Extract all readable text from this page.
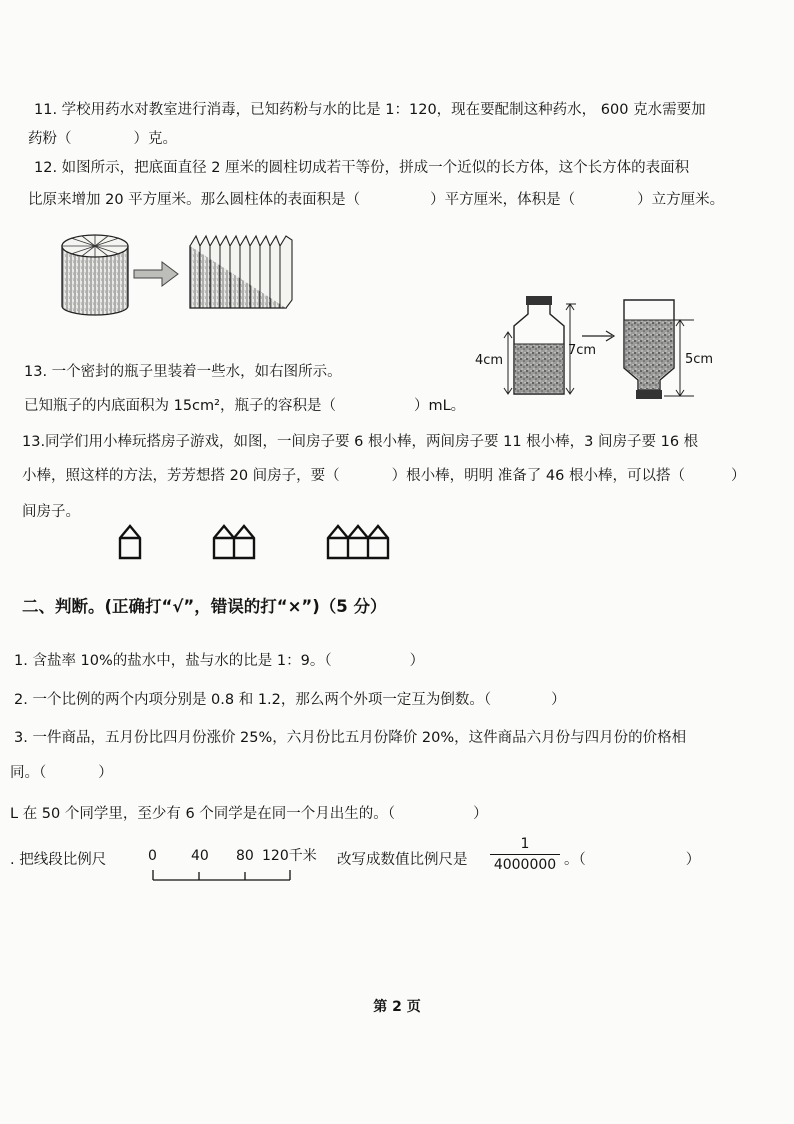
11. 学校用药水对教室进行消毒，已知药粉与水的比是 1：120，现在要配制这种药水， 600 克水需要加
药粉（	）克。
12. 如图所示，把底面直径 2 厘米的圆柱切成若干等份，拼成一个近似的长方体，这个长方体的表面积
比原来增加 20 平方厘米。那么圆柱体的表面积是（	）平方厘米，体积是（	）立方厘米。
4cm
7cm
5cm
13. 一个密封的瓶子里装着一些水，如右图所示。
已知瓶子的内底面积为 15cm²，瓶子的容积是（	）mL。
13.同学们用小棒玩搭房子游戏，如图，一间房子要 6 根小棒，两间房子要 11 根小棒，3 间房子要 16 根
小棒，照这样的方法，芳芳想搭 20 间房子，要（	）根小棒，明明 准备了 46 根小棒，可以搭（	）
间房子。
二、判断。(正确打“√”，错误的打“×”)（5 分）
1. 含盐率 10%的盐水中，盐与水的比是 1：9。（	）
2. 一个比例的两个内项分别是 0.8 和 1.2，那么两个外项一定互为倒数。（	）
3. 一件商品，五月份比四月份涨价 25%，六月份比五月份降价 20%，这件商品六月份与四月份的价格相
同。（	）
L 在 50 个同学里，至少有 6 个同学是在同一个月出生的。（	）
. 把线段比例尺	0 40 80 120千米 改写成数值比例尺是
1
4000000 。（	）
第 2 页
